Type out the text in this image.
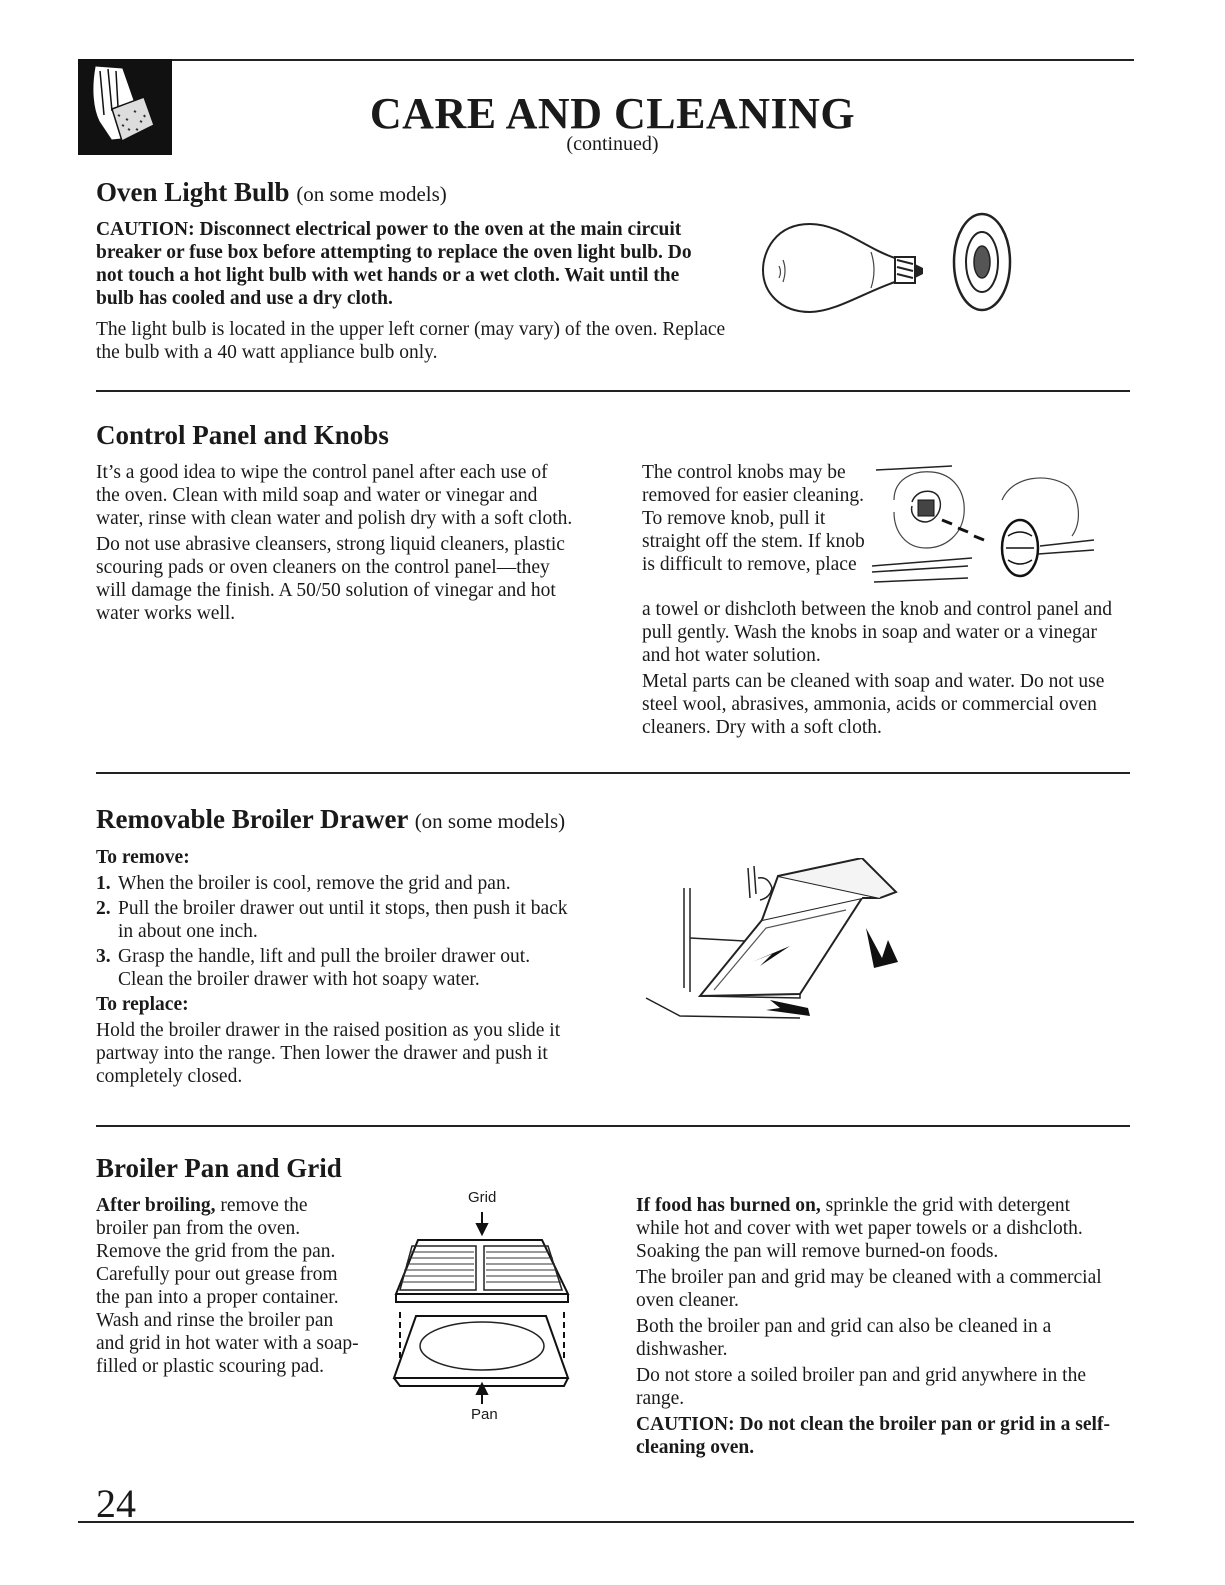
CARE AND CLEANING
(continued)
Oven Light Bulb (on some models)
CAUTION: Disconnect electrical power to the oven at the main circuit breaker or fuse box before attempting to replace the oven light bulb. Do not touch a hot light bulb with wet hands or a wet cloth. Wait until the bulb has cooled and use a dry cloth.
The light bulb is located in the upper left corner (may vary) of the oven. Replace the bulb with a 40 watt appliance bulb only.
Control Panel and Knobs

It’s a good idea to wipe the control panel after each use of the oven. Clean with mild soap and water or vinegar and water, rinse with clean water and polish dry with a soft cloth.

Do not use abrasive cleansers, strong liquid cleaners, plastic scouring pads or oven cleaners on the control panel—they will damage the finish. A 50/50 solution of vinegar and hot water works well.

The control knobs may be removed for easier cleaning. To remove knob, pull it straight off the stem. If knob is difficult to remove, place

a towel or dishcloth between the knob and control panel and pull gently. Wash the knobs in soap and water or a vinegar and hot water solution.

Metal parts can be cleaned with soap and water. Do not use steel wool, abrasives, ammonia, acids or commercial oven cleaners. Dry with a soft cloth.

Removable Broiler Drawer (on some models)

To remove:

1. When the broiler is cool, remove the grid and pan.
2. Pull the broiler drawer out until it stops, then push it back in about one inch.
3. Grasp the handle, lift and pull the broiler drawer out. Clean the broiler drawer with hot soapy water.

To replace:

Hold the broiler drawer in the raised position as you slide it partway into the range. Then lower the drawer and push it completely closed.

Broiler Pan and Grid
After broiling, remove the broiler pan from the oven. Remove the grid from the pan. Carefully pour out grease from the pan into a proper container. Wash and rinse the broiler pan and grid in hot water with a soap-filled or plastic scouring pad.
Grid
Pan

If food has burned on, sprinkle the grid with detergent while hot and cover with wet paper towels or a dishcloth. Soaking the pan will remove burned-on foods.

The broiler pan and grid may be cleaned with a commercial oven cleaner.

Both the broiler pan and grid can also be cleaned in a dishwasher.

Do not store a soiled broiler pan and grid anywhere in the range.

CAUTION: Do not clean the broiler pan or grid in a self-cleaning oven.

24
